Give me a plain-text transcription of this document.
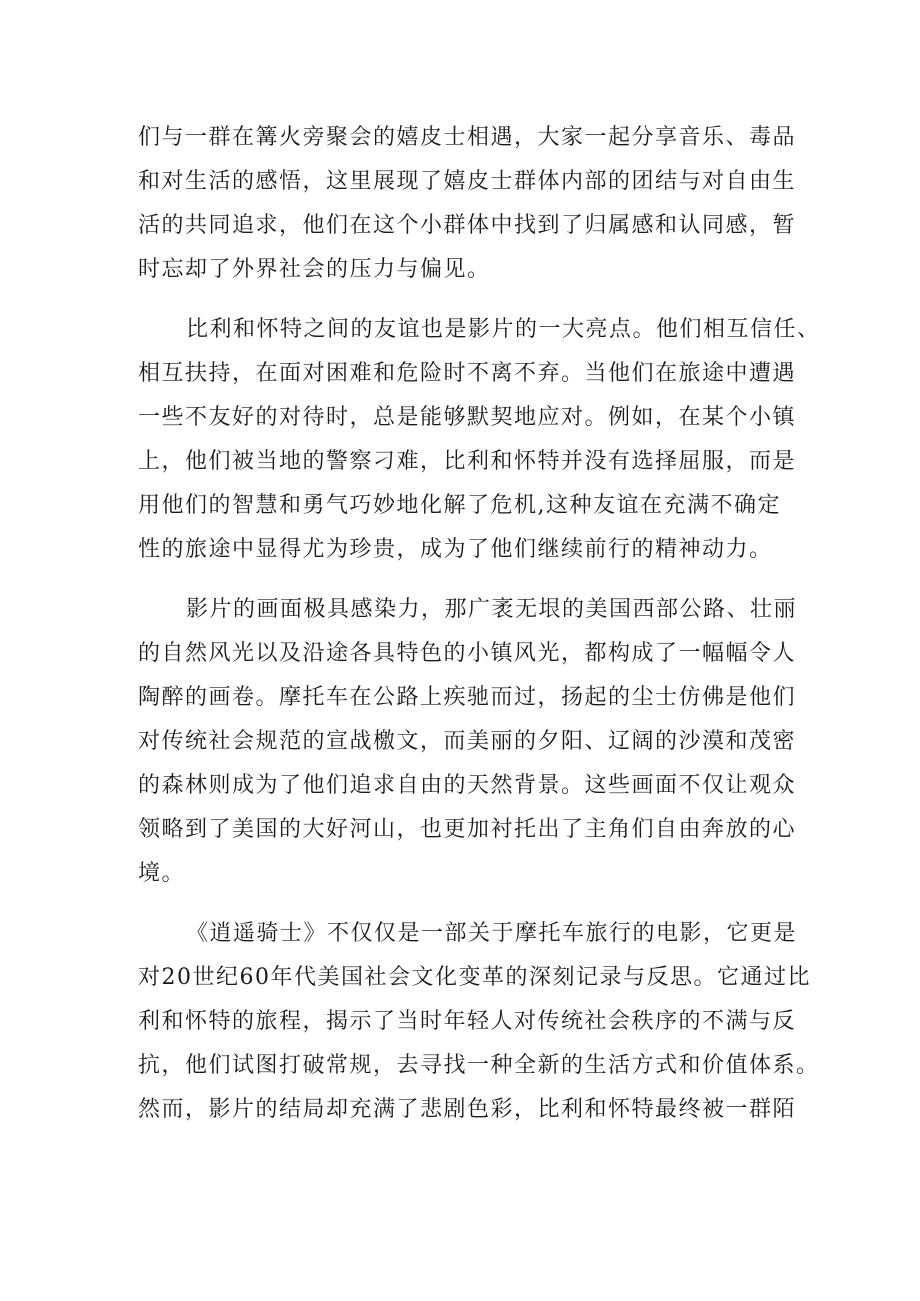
们与一群在篝火旁聚会的嬉皮士相遇，大家一起分享音乐、毒品
和对生活的感悟，这里展现了嬉皮士群体内部的团结与对自由生
活的共同追求，他们在这个小群体中找到了归属感和认同感，暂
时忘却了外界社会的压力与偏见。
比利和怀特之间的友谊也是影片的一大亮点。他们相互信任、
相互扶持，在面对困难和危险时不离不弃。当他们在旅途中遭遇
一些不友好的对待时，总是能够默契地应对。例如，在某个小镇
上，他们被当地的警察刁难，比利和怀特并没有选择屈服，而是
用他们的智慧和勇气巧妙地化解了危机,这种友谊在充满不确定
性的旅途中显得尤为珍贵，成为了他们继续前行的精神动力。
影片的画面极具感染力，那广袤无垠的美国西部公路、壮丽
的自然风光以及沿途各具特色的小镇风光，都构成了一幅幅令人
陶醉的画卷。摩托车在公路上疾驰而过，扬起的尘士仿佛是他们
对传统社会规范的宣战檄文，而美丽的夕阳、辽阔的沙漠和茂密
的森林则成为了他们追求自由的天然背景。这些画面不仅让观众
领略到了美国的大好河山，也更加衬托出了主角们自由奔放的心
境。
《逍遥骑士》不仅仅是一部关于摩托车旅行的电影，它更是
对20世纪60年代美国社会文化变革的深刻记录与反思。它通过比
利和怀特的旅程，揭示了当时年轻人对传统社会秩序的不满与反
抗，他们试图打破常规，去寻找一种全新的生活方式和价值体系。
然而，影片的结局却充满了悲剧色彩，比利和怀特最终被一群陌
